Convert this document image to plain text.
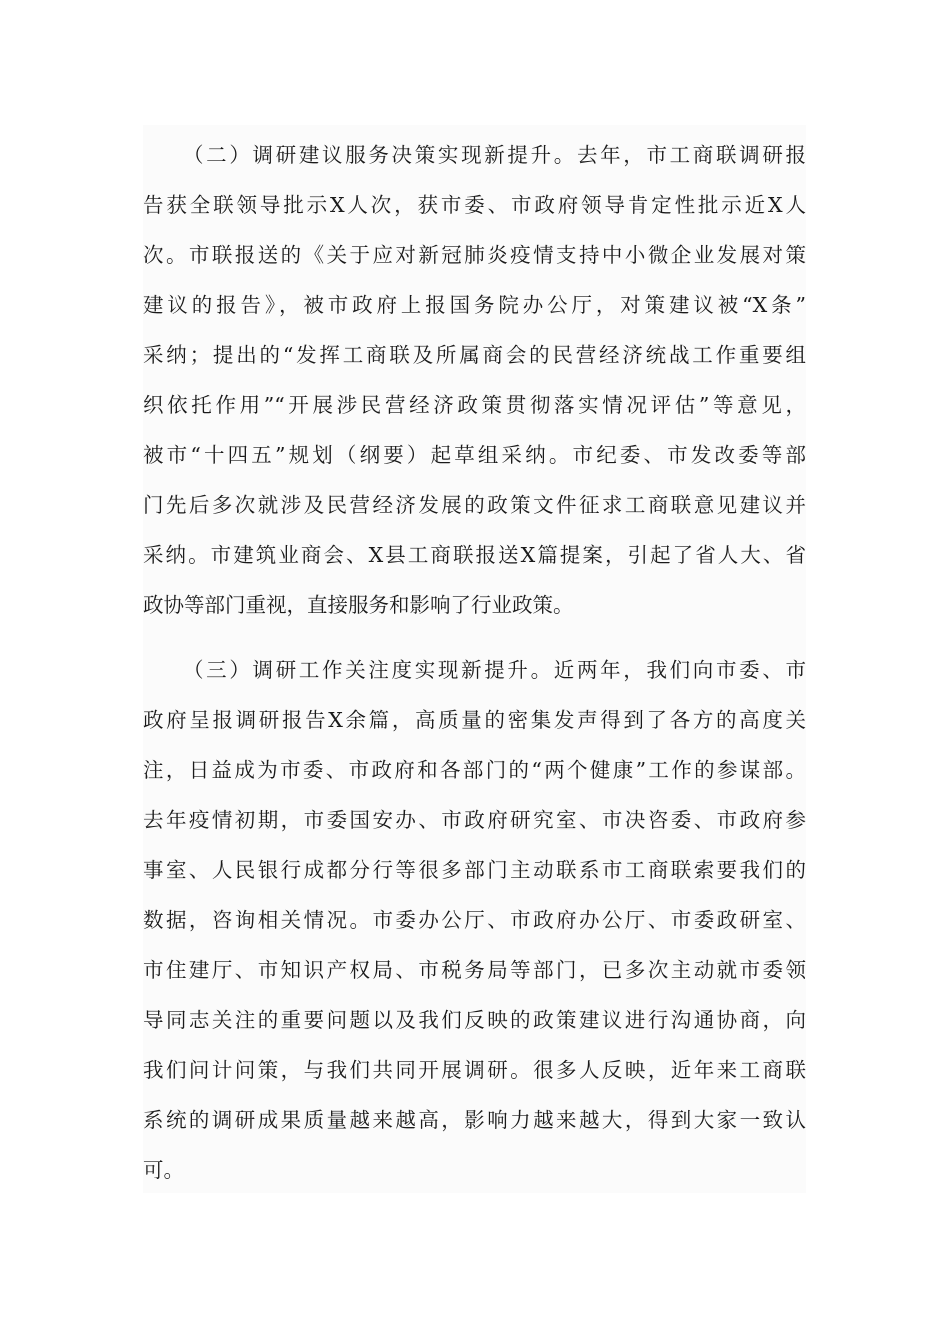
（二）调研建议服务决策实现新提升。去年，市工商联调研报
告获全联领导批示X人次，获市委、市政府领导肯定性批示近X人
次。市联报送的《关于应对新冠肺炎疫情支持中小微企业发展对策
建议的报告》，被市政府上报国务院办公厅，对策建议被“X条”
采纳；提出的“发挥工商联及所属商会的民营经济统战工作重要组
织依托作用”“开展涉民营经济政策贯彻落实情况评估”等意见，
被市“十四五”规划（纲要）起草组采纳。市纪委、市发改委等部
门先后多次就涉及民营经济发展的政策文件征求工商联意见建议并
采纳。市建筑业商会、X县工商联报送X篇提案，引起了省人大、省
政协等部门重视，直接服务和影响了行业政策。
（三）调研工作关注度实现新提升。近两年，我们向市委、市
政府呈报调研报告X余篇，高质量的密集发声得到了各方的高度关
注，日益成为市委、市政府和各部门的“两个健康”工作的参谋部。
去年疫情初期，市委国安办、市政府研究室、市决咨委、市政府参
事室、人民银行成都分行等很多部门主动联系市工商联索要我们的
数据，咨询相关情况。市委办公厅、市政府办公厅、市委政研室、
市住建厅、市知识产权局、市税务局等部门，已多次主动就市委领
导同志关注的重要问题以及我们反映的政策建议进行沟通协商，向
我们问计问策，与我们共同开展调研。很多人反映，近年来工商联
系统的调研成果质量越来越高，影响力越来越大，得到大家一致认
可。
